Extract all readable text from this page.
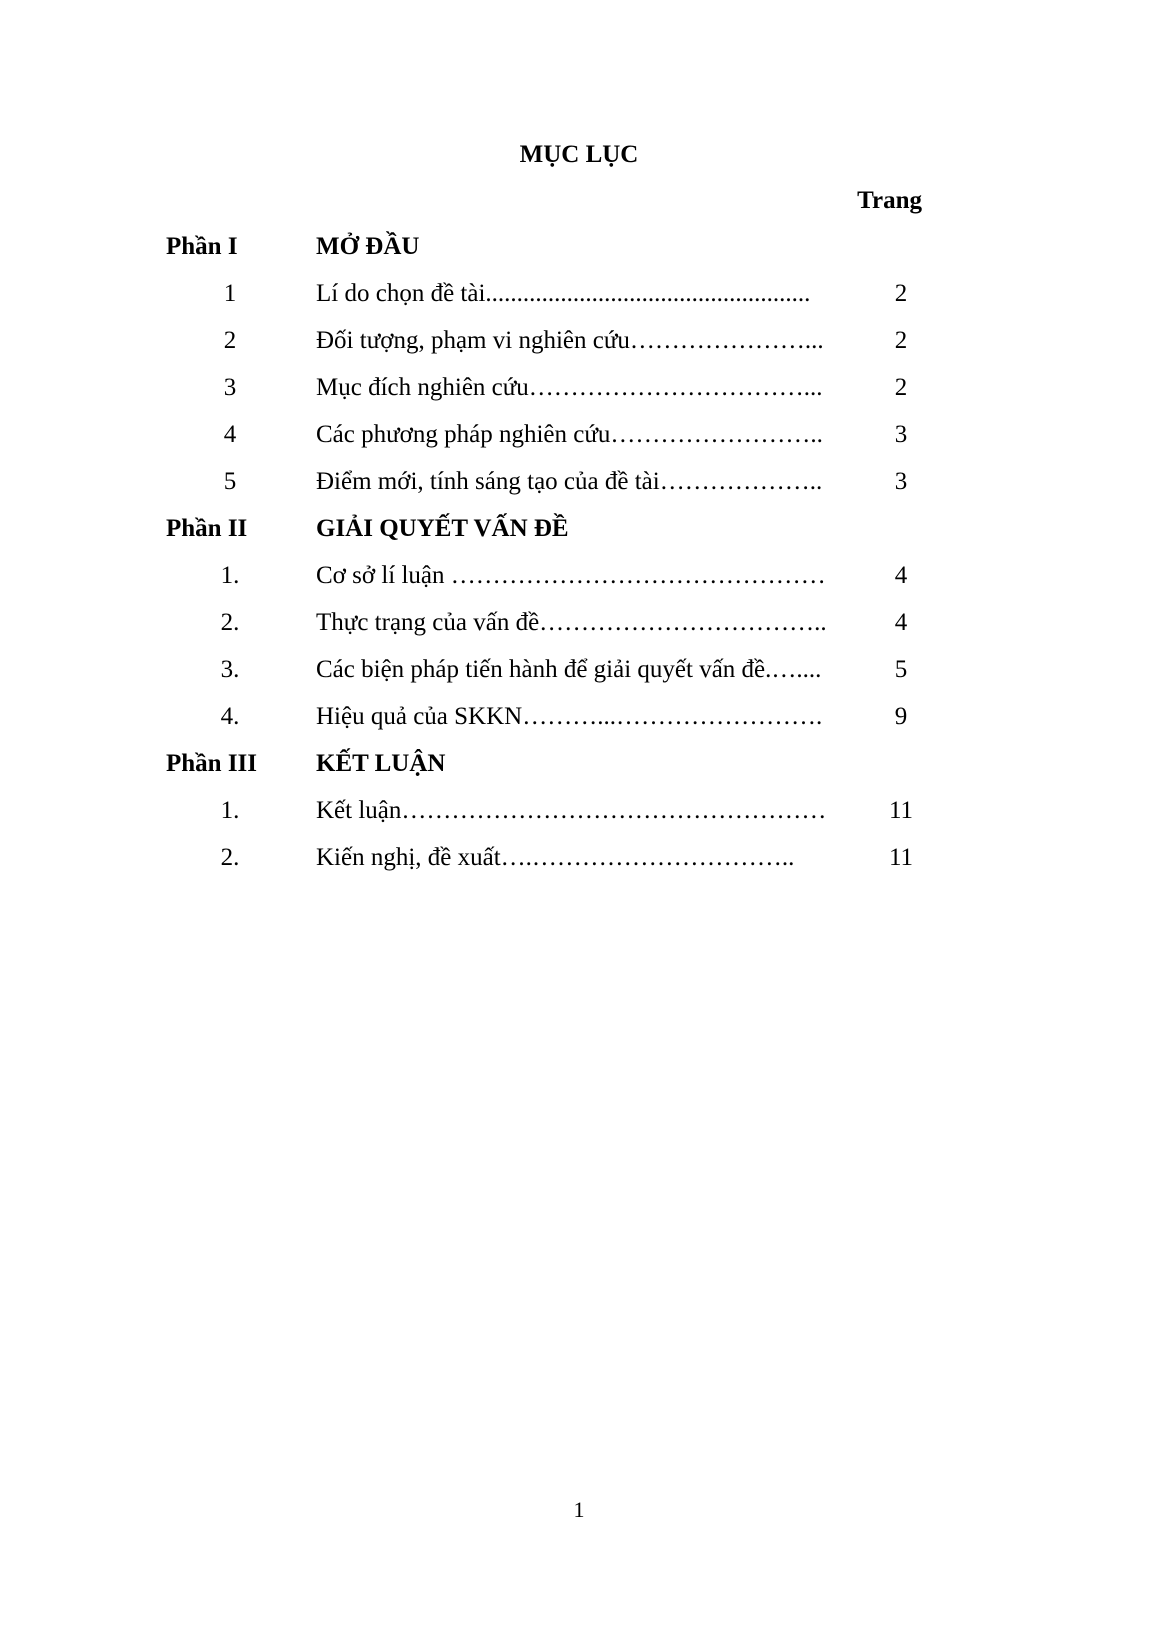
MỤC LỤC
Trang
Phần I	MỞ ĐẦU
1	Lí do chọn đề tài....................................................	2
2	Đối tượng, phạm vi nghiên cứu…………………...	2
3	Mục đích nghiên cứu……………………………...	2
4	Các phương pháp nghiên cứu……………………..	3
5	Điểm mới, tính sáng tạo của đề tài………………..	3
Phần II	GIẢI QUYẾT VẤN ĐỀ
1.	Cơ sở lí luận ………………………………………	4
2.	Thực trạng của vấn đề……………………………..	4
3.	Các biện pháp tiến hành để giải quyết vấn đề.…....	5
4.	Hiệu quả của SKKN………...…………………….	9
Phần III KẾT LUẬN
1.	Kết luận……………………………………………	11
2.	Kiến nghị, đề xuất….…………………………..	11
1
